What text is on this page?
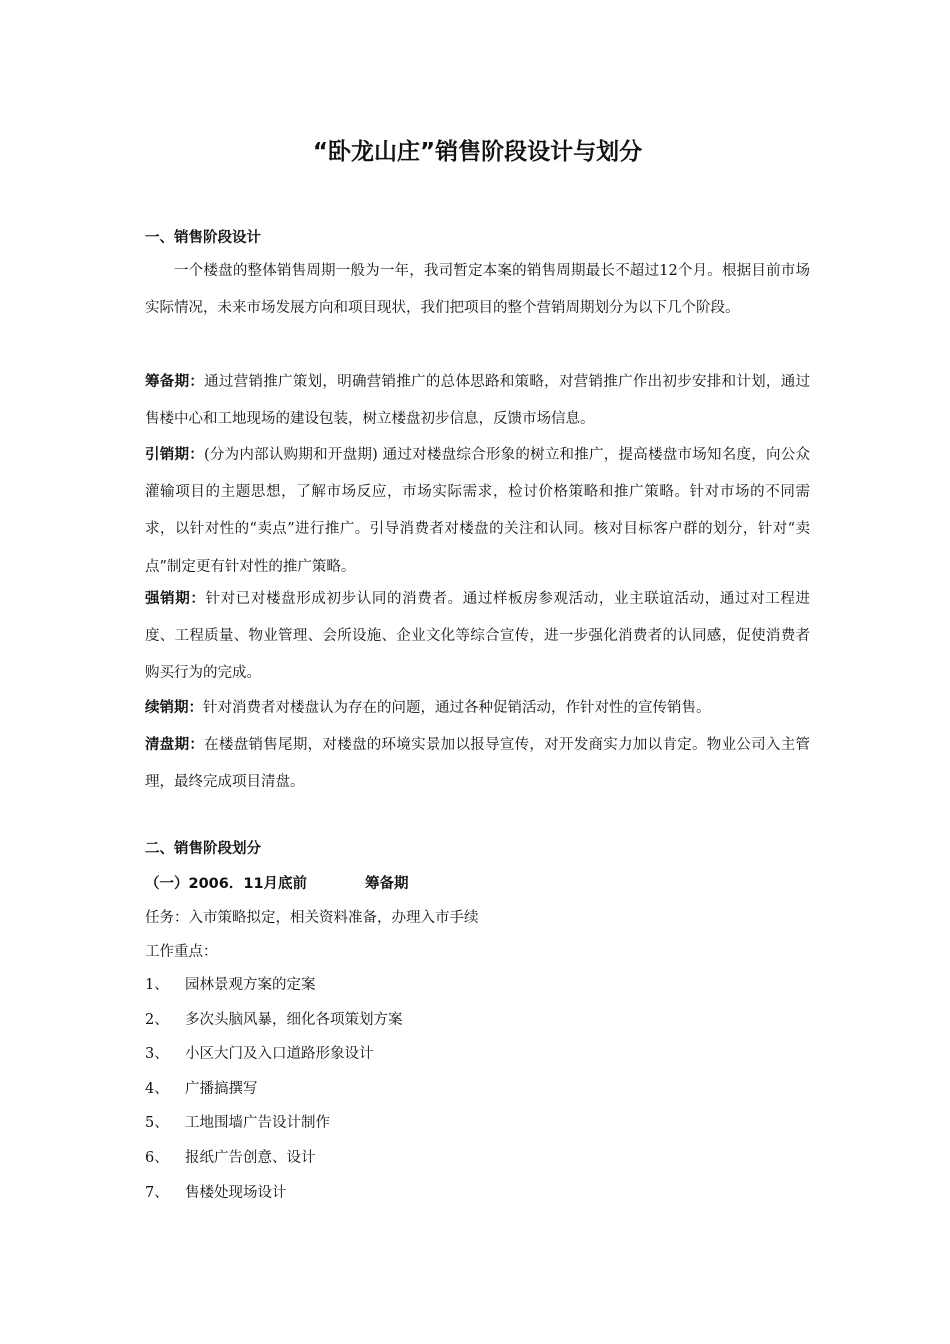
“卧龙山庄”销售阶段设计与划分
一、销售阶段设计

一个楼盘的整体销售周期一般为一年，我司暂定本案的销售周期最长不超过12个月。根据目前市场实际情况，未来市场发展方向和项目现状，我们把项目的整个营销周期划分为以下几个阶段。

筹备期：通过营销推广策划，明确营销推广的总体思路和策略，对营销推广作出初步安排和计划，通过售楼中心和工地现场的建设包装，树立楼盘初步信息，反馈市场信息。

引销期：(分为内部认购期和开盘期) 通过对楼盘综合形象的树立和推广，提高楼盘市场知名度，向公众灌输项目的主题思想，了解市场反应，市场实际需求，检讨价格策略和推广策略。针对市场的不同需求，以针对性的“卖点”进行推广。引导消费者对楼盘的关注和认同。核对目标客户群的划分，针对“卖点”制定更有针对性的推广策略。

强销期：针对已对楼盘形成初步认同的消费者。通过样板房参观活动，业主联谊活动，通过对工程进度、工程质量、物业管理、会所设施、企业文化等综合宣传，进一步强化消费者的认同感，促使消费者购买行为的完成。

续销期：针对消费者对楼盘认为存在的问题，通过各种促销活动，作针对性的宣传销售。

清盘期：在楼盘销售尾期，对楼盘的环境实景加以报导宣传，对开发商实力加以肯定。物业公司入主管理，最终完成项目清盘。

二、销售阶段划分
（一）2006．11月底前	筹备期
任务：入市策略拟定，相关资料准备，办理入市手续
工作重点：
1、 园林景观方案的定案
2、 多次头脑风暴，细化各项策划方案
3、 小区大门及入口道路形象设计
4、 广播搞撰写
5、 工地围墙广告设计制作
6、 报纸广告创意、设计
7、 售楼处现场设计
